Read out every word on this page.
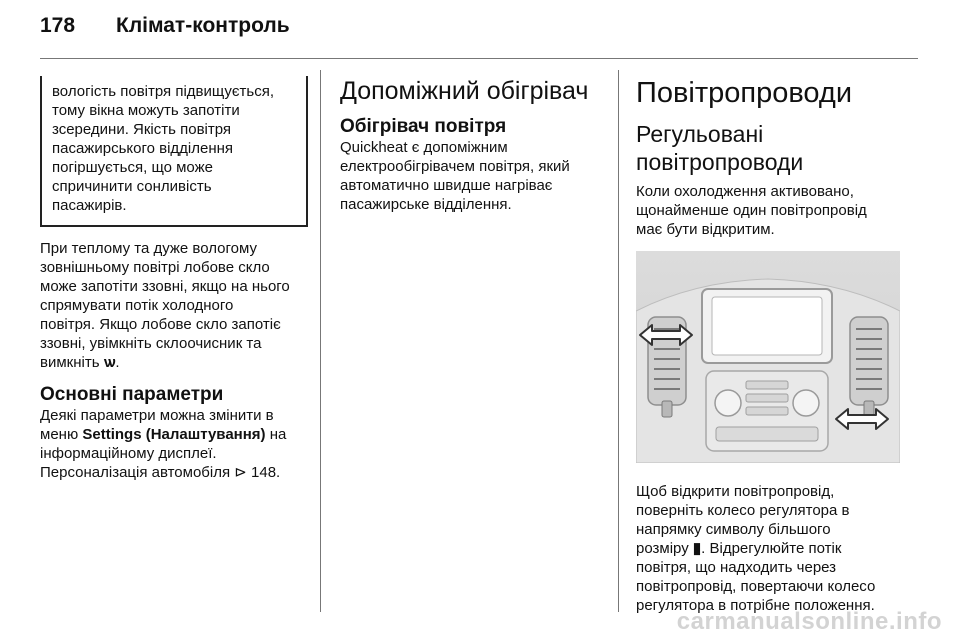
178 Клімат-контроль

вологість повітря підвищується,

тому вікна можуть запотіти

зсередини. Якість повітря

пасажирського відділення

погіршується, що може

спричинити сонливість

пасажирів.

При теплому та дуже вологому

зовнішньому повітрі лобове скло

може запотіти ззовні, якщо на нього

спрямувати потік холодного

повітря. Якщо лобове скло запотіє

ззовні, увімкніть склоочисник та

вимкніть ѡ.

Основні параметри

Деякі параметри можна змінити в

меню Settings (Налаштування) на

інформаційному дисплеї.

Персоналізація автомобіля ⊳ 148.

Допоміжний обігрівач
Обігрівач повітря

Quickheat є допоміжним

електрообігрівачем повітря, який

автоматично швидше нагріває

пасажирське відділення.

Повітропроводи
Регульовані
повітропроводи

Коли охолодження активовано,

щонайменше один повітропровід

має бути відкритим.

Щоб відкрити повітропровід,

поверніть колесо регулятора в

напрямку символу більшого

розміру ▮. Відрегулюйте потік

повітря, що надходить через

повітропровід, повертаючи колесо

регулятора в потрібне положення.

carmanualsonline.info
